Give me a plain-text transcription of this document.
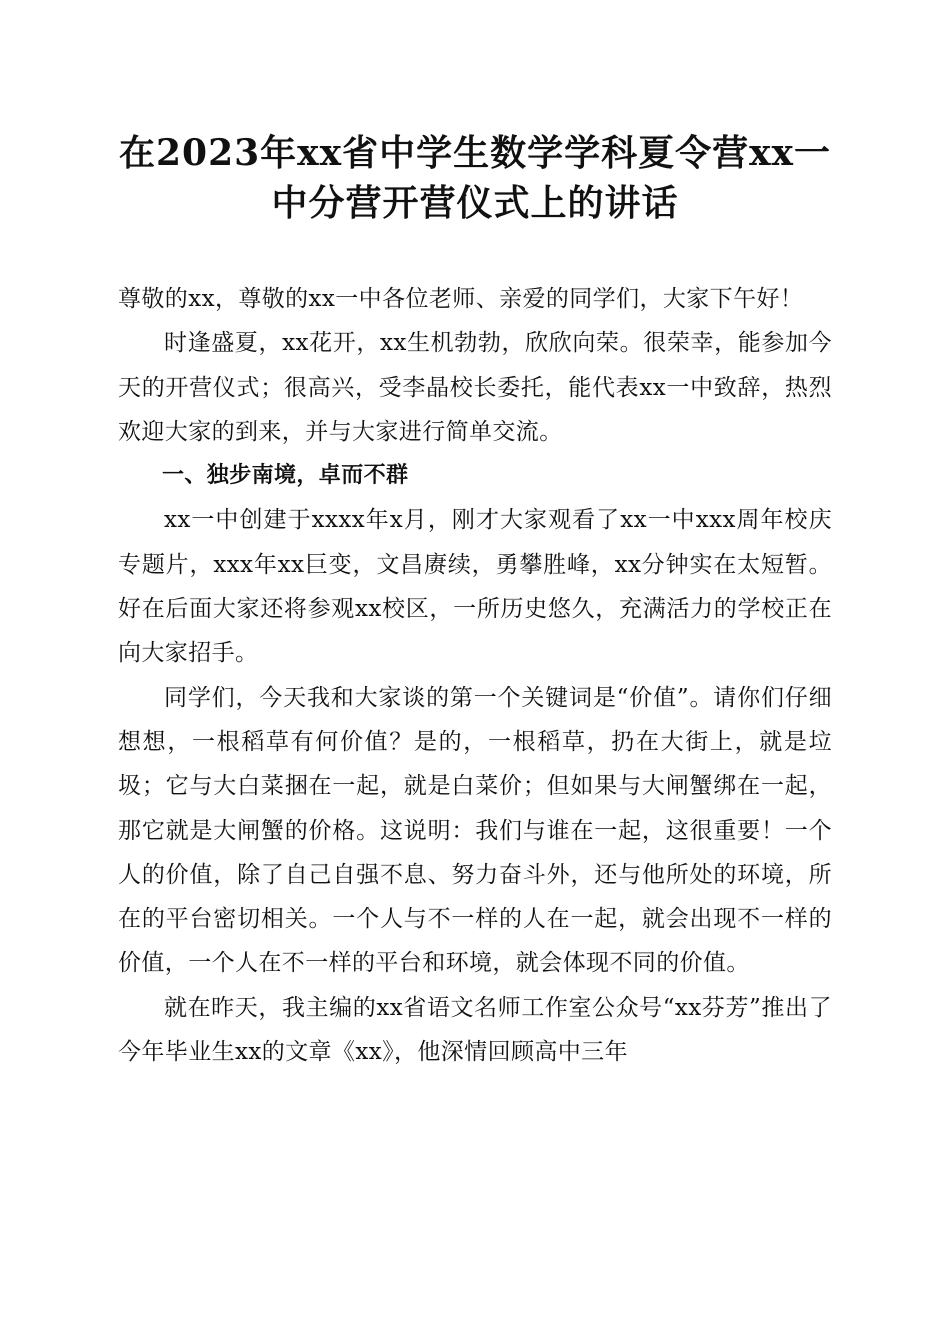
在2023年xx省中学生数学学科夏令营xx一
中分营开营仪式上的讲话

尊敬的xx，尊敬的xx一中各位老师、亲爱的同学们，大家下午好！

时逢盛夏，xx花开，xx生机勃勃，欣欣向荣。很荣幸，能参加今天的开营仪式；很高兴，受李晶校长委托，能代表xx一中致辞，热烈欢迎大家的到来，并与大家进行简单交流。

一、独步南境，卓而不群

xx一中创建于xxxx年x月，刚才大家观看了xx一中xxx周年校庆专题片，xxx年xx巨变，文昌赓续，勇攀胜峰，xx分钟实在太短暂。好在后面大家还将参观xx校区，一所历史悠久，充满活力的学校正在向大家招手。

同学们，今天我和大家谈的第一个关键词是“价值”。请你们仔细想想，一根稻草有何价值？是的，一根稻草，扔在大街上，就是垃圾；它与大白菜捆在一起，就是白菜价；但如果与大闸蟹绑在一起，那它就是大闸蟹的价格。这说明：我们与谁在一起，这很重要！一个人的价值，除了自己自强不息、努力奋斗外，还与他所处的环境，所在的平台密切相关。一个人与不一样的人在一起，就会出现不一样的价值，一个人在不一样的平台和环境，就会体现不同的价值。

就在昨天，我主编的xx省语文名师工作室公众号“xx芬芳”推出了今年毕业生xx的文章《xx》，他深情回顾高中三年
